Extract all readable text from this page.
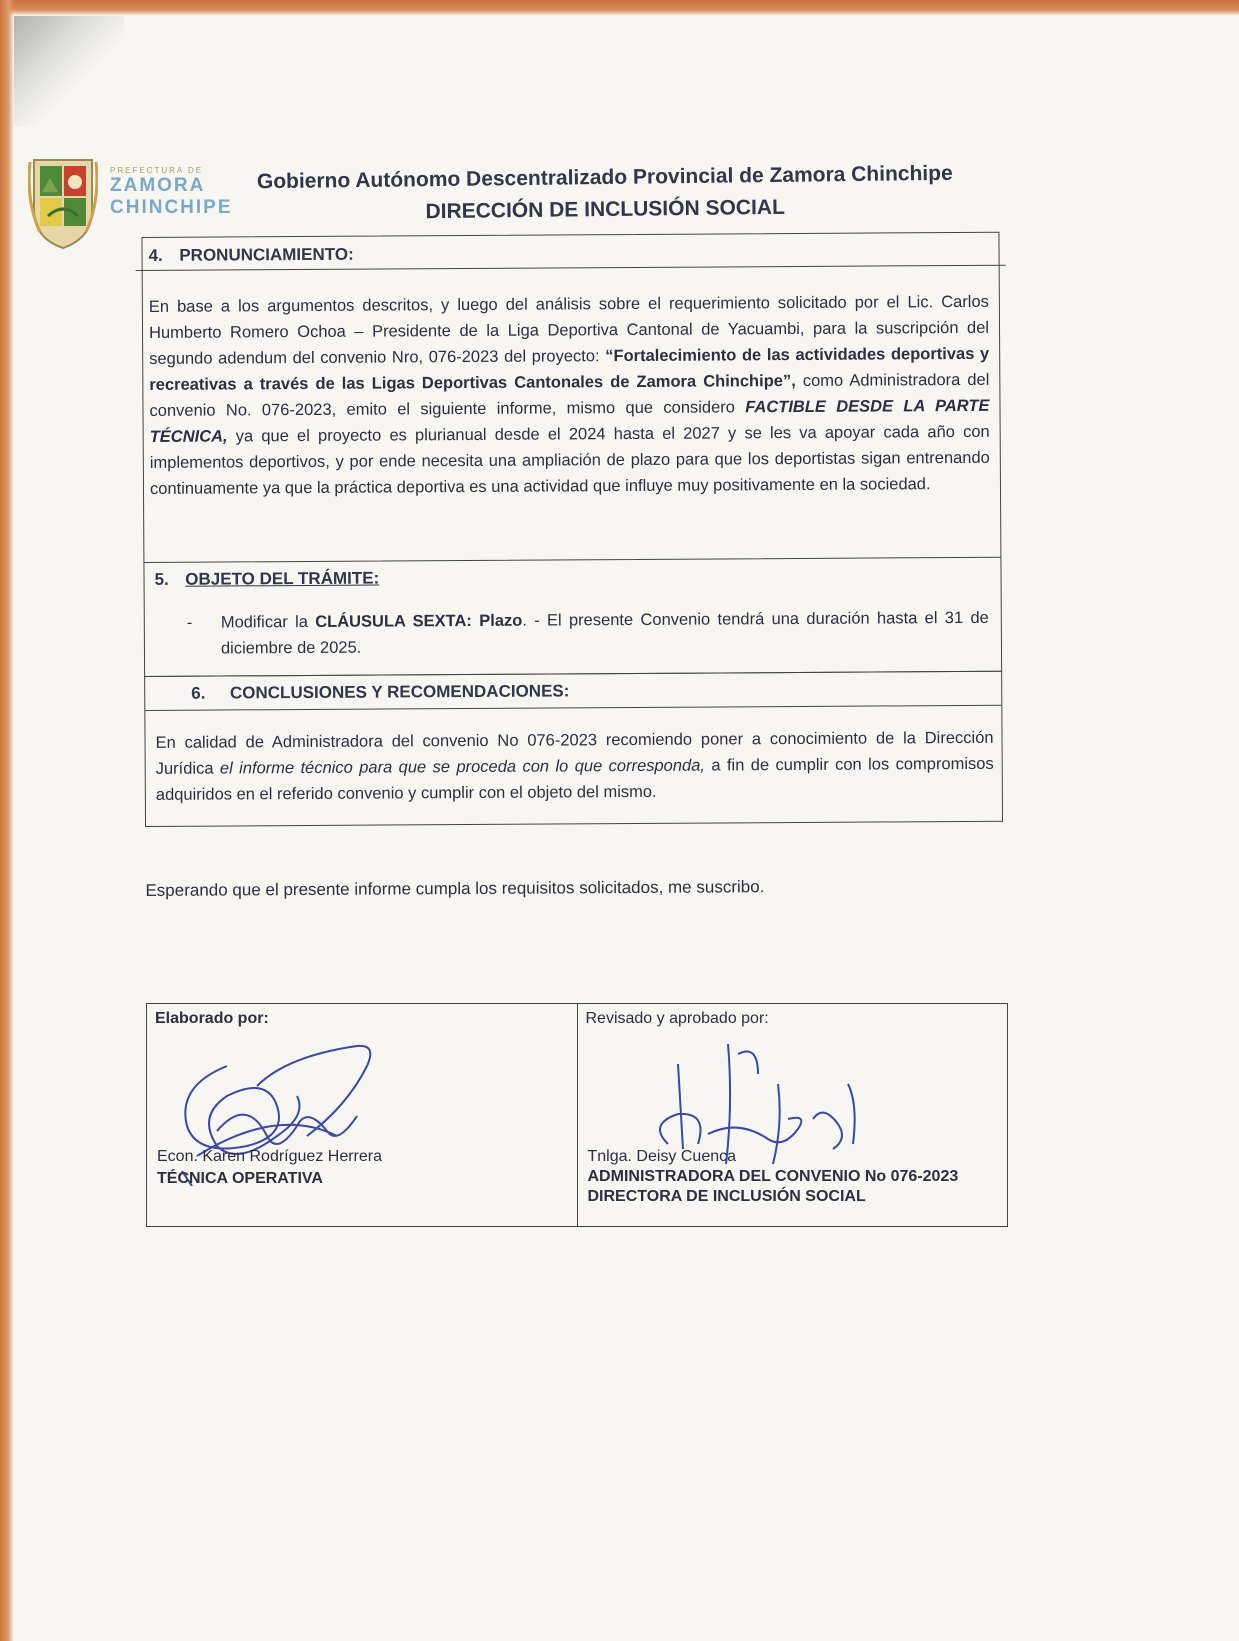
PREFECTURA DE
ZAMORA
CHINCHIPE
Gobierno Autónomo Descentralizado Provincial de Zamora Chinchipe
DIRECCIÓN DE INCLUSIÓN SOCIAL
4. PRONUNCIAMIENTO:
En base a los argumentos descritos, y luego del análisis sobre el requerimiento solicitado por el Lic. Carlos Humberto Romero Ochoa – Presidente de la Liga Deportiva Cantonal de Yacuambi, para la suscripción del segundo adendum del convenio Nro, 076-2023 del proyecto: “Fortalecimiento de las actividades deportivas y recreativas a través de las Ligas Deportivas Cantonales de Zamora Chinchipe”, como Administradora del convenio No. 076-2023, emito el siguiente informe, mismo que considero FACTIBLE DESDE LA PARTE TÉCNICA, ya que el proyecto es plurianual desde el 2024 hasta el 2027 y se les va apoyar cada año con implementos deportivos, y por ende necesita una ampliación de plazo para que los deportistas sigan entrenando continuamente ya que la práctica deportiva es una actividad que influye muy positivamente en la sociedad.
5. OBJETO DEL TRÁMITE:
- Modificar la CLÁUSULA SEXTA: Plazo. - El presente Convenio tendrá una duración hasta el 31 de diciembre de 2025.
6. CONCLUSIONES Y RECOMENDACIONES:
En calidad de Administradora del convenio No 076-2023 recomiendo poner a conocimiento de la Dirección Jurídica el informe técnico para que se proceda con lo que corresponda, a fin de cumplir con los compromisos adquiridos en el referido convenio y cumplir con el objeto del mismo.
Esperando que el presente informe cumpla los requisitos solicitados, me suscribo.
Elaborado por:
Econ. Karen Rodríguez Herrera
TÉCNICA OPERATIVA
Revisado y aprobado por:
Tnlga. Deisy Cuenca
ADMINISTRADORA DEL CONVENIO No 076-2023
DIRECTORA DE INCLUSIÓN SOCIAL
